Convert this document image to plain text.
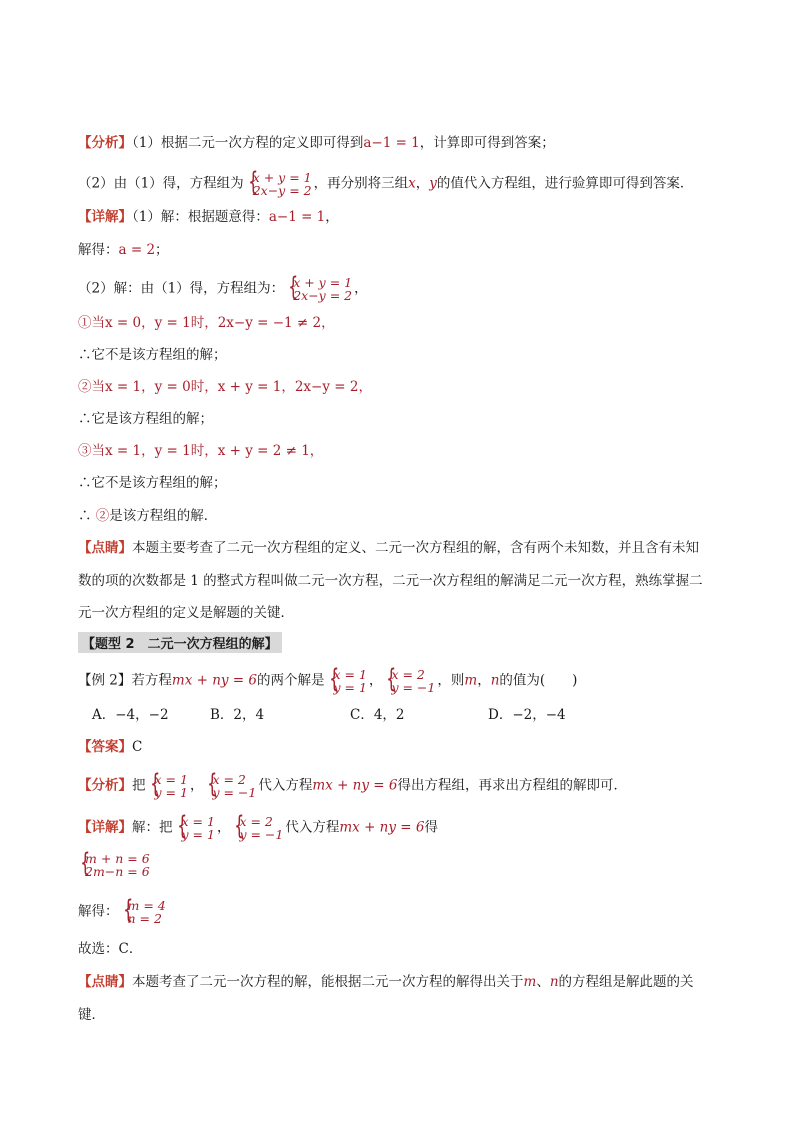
【分析】（1）根据二元一次方程的定义即可得到a−1 = 1，计算即可得到答案；
（2）由（1）得，方程组为 { x + y = 1
2x−y = 2 ，再分别将三组x，y的值代入方程组，进行验算即可得到答案．
【详解】（1）解：根据题意得：a−1 = 1，
解得：a = 2；
（2）解：由（1）得，方程组为： { x + y = 1
2x−y = 2 ，
①当x = 0，y = 1时，2x−y = −1 ≠ 2，
∴它不是该方程组的解；
②当x = 1，y = 0时，x + y = 1，2x−y = 2，
∴它是该方程组的解；
③当x = 1，y = 1时，x + y = 2 ≠ 1，
∴它不是该方程组的解；
∴ ②是该方程组的解．
【点睛】本题主要考查了二元一次方程组的定义、二元一次方程组的解，含有两个未知数，并且含有未知
数的项的次数都是 1 的整式方程叫做二元一次方程，二元一次方程组的解满足二元一次方程，熟练掌握二
元一次方程组的定义是解题的关键．
【题型 2　二元一次方程组的解】
【例 2】若方程mx + ny = 6的两个解是 { x = 1
y = 1 ， { x = 2
y = −1 ，则m，n的值为(　　)
A．−4，−2	B．2，4	C．4，2	D．−2，−4
【答案】C
【分析】把 { x = 1
y = 1 ， { x = 2
y = −1 代入方程mx + ny = 6得出方程组，再求出方程组的解即可．
【详解】解：把 { x = 1
y = 1 ， { x = 2
y = −1 代入方程mx + ny = 6得
{ m + n = 6
2m−n = 6
解得： { m = 4
n = 2
故选：C．
【点睛】本题考查了二元一次方程的解，能根据二元一次方程的解得出关于m、n的方程组是解此题的关
键．
